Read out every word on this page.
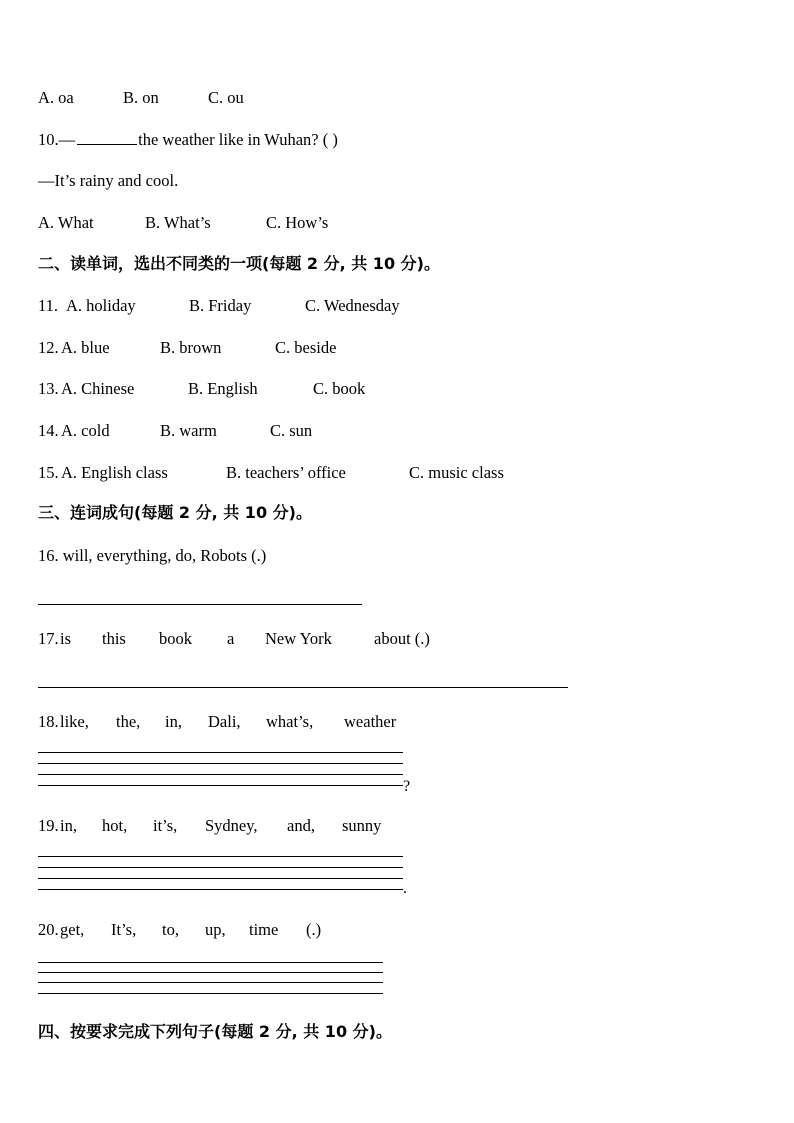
A. oa	B. on	C. ou
10.—	the weather like in Wuhan? ( )
—It’s rainy and cool.
A. What	B. What’s	C. How’s
二、读单词，选出不同类的一项(每题 2 分, 共 10 分)。
11. A. holiday	B. Friday	C. Wednesday
12. A. blue	B. brown	C. beside
13. A. Chinese	B. English	C. book
14. A. cold	B. warm	C. sun
15. A. English class	B. teachers’ office	C. music class
三、连词成句(每题 2 分, 共 10 分)。
16. will, everything, do, Robots (.)
17. is this book a New York	about (.)
18. like, the, in, Dali, what’s, weather
?
19. in, hot, it’s, Sydney, and, sunny
.
20. get, It’s, to, up, time (.)
四、按要求完成下列句子(每题 2 分, 共 10 分)。
